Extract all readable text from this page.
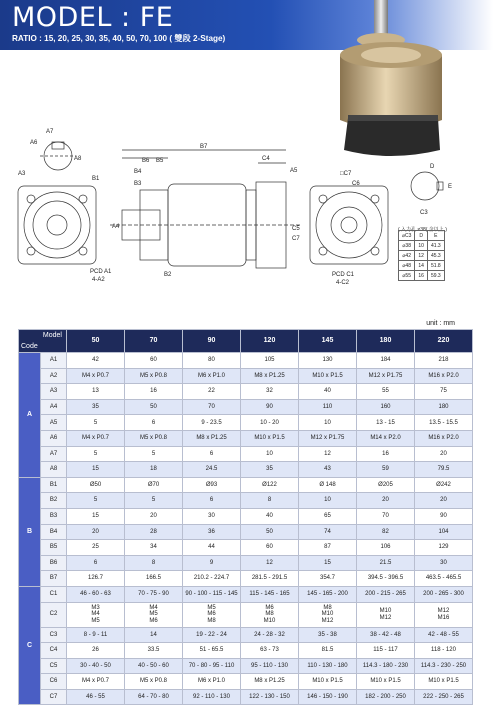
MODEL : FE
RATIO : 15, 20, 25, 30, 35, 40, 50, 70, 100 ( 雙段 2-Stage)
A7
A6
A8
A3
B1
PCD A1
4-A2
B7
B6 B5
B4
B3
A4
B2
C4
A5
C5
C7
□C7
C6
PCD C1
4-C2
D
E
C3
( 入力孔 ≠38( 含以上 )
⌀C3	D	E
⌀38	10	41.3
⌀42	12	45.3
⌀48	14	51.8
⌀55	16	59.3
unit : mm
Model
Code		50	70	90	120	145	180	220
A	A1	42	60	80	105	130	184	218
	A2	M4 x P0.7	M5 x P0.8	M6 x P1.0	M8 x P1.25	M10 x P1.5	M12 x P1.75	M16 x P2.0
	A3	13	16	22	32	40	55	75
	A4	35	50	70	90	110	160	180
	A5	5	6	9 - 23.5	10 - 20	10	13 - 15	13.5 - 15.5
	A6	M4 x P0.7	M5 x P0.8	M8 x P1.25	M10 x P1.5	M12 x P1.75	M14 x P2.0	M16 x P2.0
	A7	5	5	6	10	12	16	20
	A8	15	18	24.5	35	43	59	79.5
B	B1	Ø50	Ø70	Ø93	Ø122	Ø 148	Ø205	Ø242
	B2	5	5	6	8	10	20	20
	B3	15	20	30	40	65	70	90
	B4	20	28	36	50	74	82	104
	B5	25	34	44	60	87	106	129
	B6	6	8	9	12	15	21.5	30
	B7	126.7	166.5	210.2 - 224.7	281.5 - 291.5	354.7	394.5 - 396.5	463.5 - 465.5
C	C1	46 - 60 - 63	70 - 75 - 90	90 - 100 - 115 - 145	115 - 145 - 165	145 - 165 - 200	200 - 215 - 265	200 - 265 - 300
	C2	M3
M4
M5	M4
M5
M6	M5
M6
M8	M6
M8
M10	M8
M10
M12	M10
M12	M12
M16
	C3	8 - 9 - 11	14	19 - 22 - 24	24 - 28 - 32	35 - 38	38 - 42 - 48	42 - 48 - 55
	C4	26	33.5	51 - 65.5	63 - 73	81.5	115 - 117	118 - 120
	C5	30 - 40 - 50	40 - 50 - 60	70 - 80 - 95 - 110	95 - 110 - 130	110 - 130 - 180	114.3 - 180 - 230	114.3 - 230 - 250
	C6	M4 x P0.7	M5 x P0.8	M6 x P1.0	M8 x P1.25	M10 x P1.5	M10 x P1.5	M10 x P1.5
	C7	46 - 55	64 - 70 - 80	92 - 110 - 130	122 - 130 - 150	146 - 150 - 190	182 - 200 - 250	222 - 250 - 265
